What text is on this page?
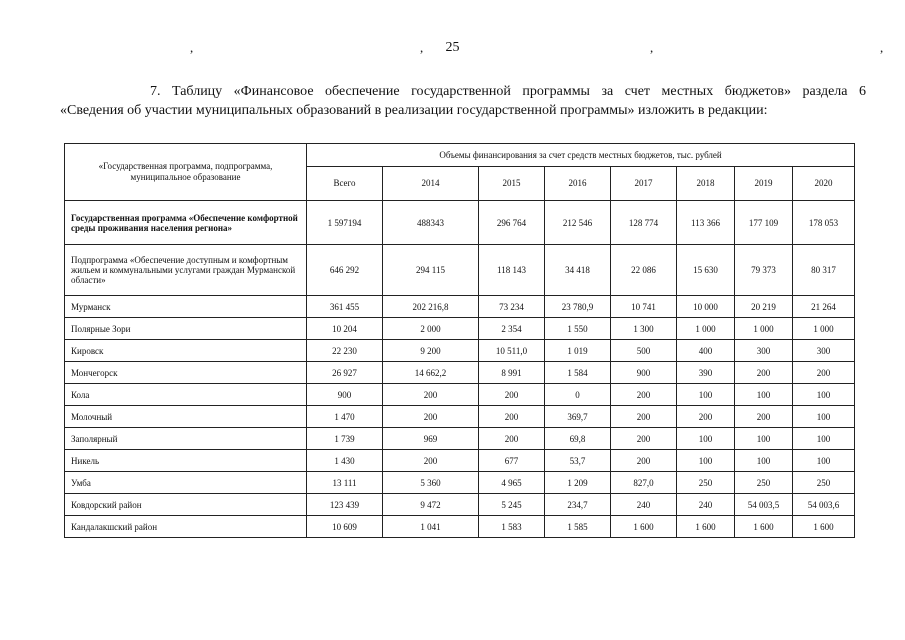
25
,	,	,	,
7. Таблицу «Финансовое обеспечение государственной программы за счет местных бюджетов» раздела 6
«Сведения об участии муниципальных образований в реализации государственной программы» изложить в редакции:
«Государственная программа, подпрограмма, муниципальное образование	Объемы финансирования за счет средств местных бюджетов, тыс. рублей							
	Всего	2014	2015	2016	2017	2018	2019	2020
Государственная программа «Обеспечение комфортной среды проживания населения региона»	1 597194	488343	296 764	212 546	128 774	113 366	177 109	178 053
Подпрограмма «Обеспечение доступным и комфортным жильем и коммунальными услугами граждан Мурманской области»	646 292	294 115	118 143	34 418	22 086	15 630	79 373	80 317
Мурманск	361 455	202 216,8	73 234	23 780,9	10 741	10 000	20 219	21 264
Полярные Зори	10 204	2 000	2 354	1 550	1 300	1 000	1 000	1 000
Кировск	22 230	9 200	10 511,0	1 019	500	400	300	300
Мончегорск	26 927	14 662,2	8 991	1 584	900	390	200	200
Кола	900	200	200	0	200	100	100	100
Молочный	1 470	200	200	369,7	200	200	200	100
Заполярный	1 739	969	200	69,8	200	100	100	100
Никель	1 430	200	677	53,7	200	100	100	100
Умба	13 111	5 360	4 965	1 209	827,0	250	250	250
Ковдорский район	123 439	9 472	5 245	234,7	240	240	54 003,5	54 003,6
Кандалакшский район	10 609	1 041	1 583	1 585	1 600	1 600	1 600	1 600
